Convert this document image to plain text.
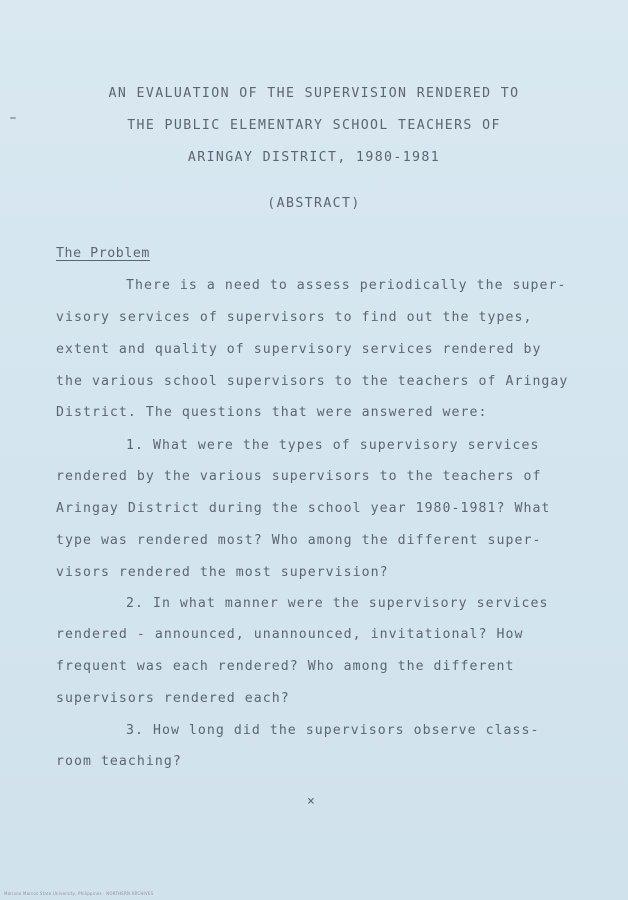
AN EVALUATION OF THE SUPERVISION RENDERED TO
THE PUBLIC ELEMENTARY SCHOOL TEACHERS OF
ARINGAY DISTRICT, 1980-1981
(ABSTRACT)
The Problem
There is a need to assess periodically the super-
visory services of supervisors to find out the types,
extent and quality of supervisory services rendered by
the various school supervisors to the teachers of Aringay
District. The questions that were answered were:
1. What were the types of supervisory services
rendered by the various supervisors to the teachers of
Aringay District during the school year 1980-1981? What
type was rendered most? Who among the different super-
visors rendered the most supervision?
2. In what manner were the supervisory services
rendered - announced, unannounced, invitational? How
frequent was each rendered? Who among the different
supervisors rendered each?
3. How long did the supervisors observe class-
room teaching?
×
Mariano Marcos State University, Philippines · NORTHERN ARCHIVES
